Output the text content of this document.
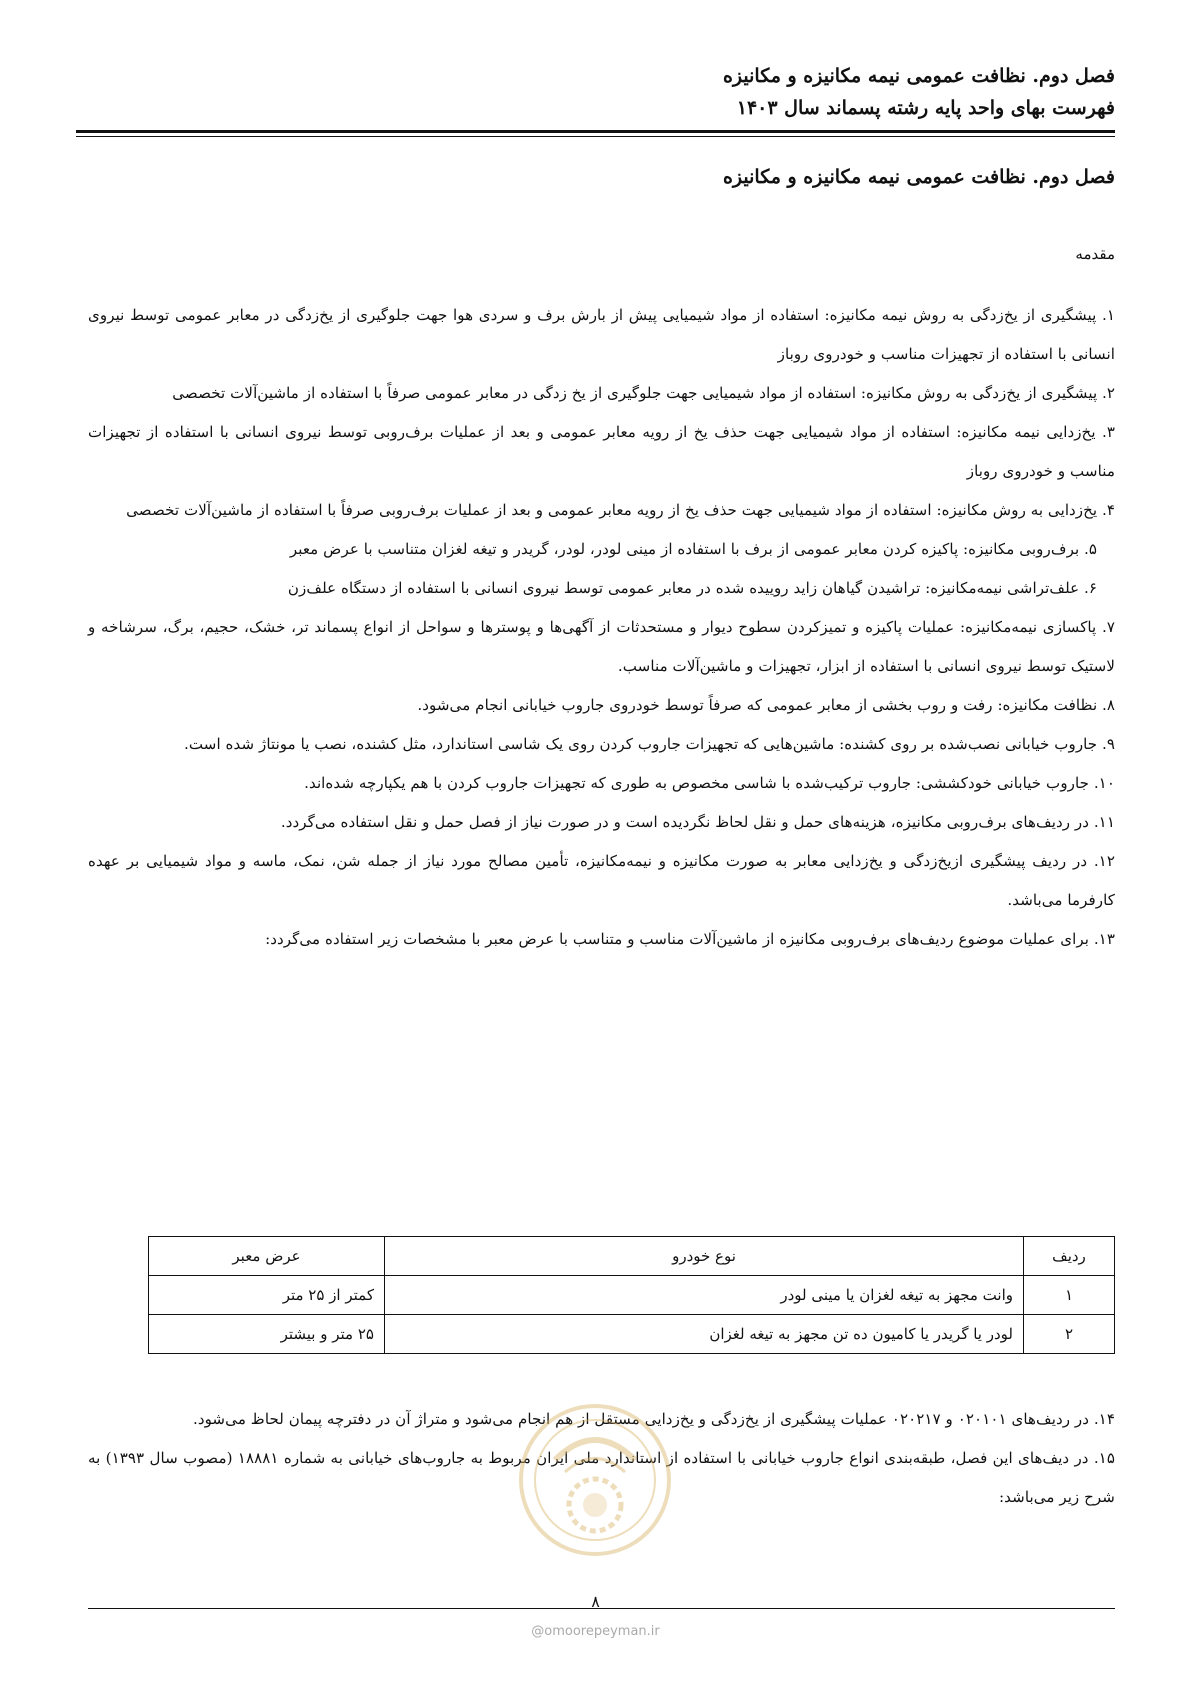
فصل دوم. نظافت عمومی نیمه مکانیزه و مکانیزه
فهرست بهای واحد پایه رشته پسماند سال ۱۴۰۳
فصل دوم. نظافت عمومی نیمه مکانیزه و مکانیزه
مقدمه

۱. پیشگیری از یخ‌زدگی به روش نیمه مکانیزه: استفاده از مواد شیمیایی پیش از بارش برف و سردی هوا جهت جلوگیری از یخ‌زدگی در معابر عمومی توسط نیروی انسانی با استفاده از تجهیزات مناسب و خودروی روباز

۲. پیشگیری از یخ‌زدگی به روش مکانیزه: استفاده از مواد شیمیایی جهت جلوگیری از یخ زدگی در معابر عمومی صرفاً با استفاده از ماشین‌آلات تخصصی

۳. یخ‌زدایی نیمه مکانیزه: استفاده از مواد شیمیایی جهت حذف یخ از رویه معابر عمومی و بعد از عملیات برف‌روبی توسط نیروی انسانی با استفاده از تجهیزات مناسب و خودروی روباز

۴. یخ‌زدایی به روش مکانیزه: استفاده از مواد شیمیایی جهت حذف یخ از رویه معابر عمومی و بعد از عملیات برف‌روبی صرفاً با استفاده از ماشین‌آلات تخصصی

۵. برف‌روبی مکانیزه: پاکیزه کردن معابر عمومی از برف با استفاده از مینی لودر، لودر، گریدر و تیغه لغزان متناسب با عرض معبر

۶. علف‌تراشی نیمه‌مکانیزه: تراشیدن گیاهان زاید روییده شده در معابر عمومی توسط نیروی انسانی با استفاده از دستگاه علف‌زن

۷. پاکسازی نیمه‌مکانیزه: عملیات پاکیزه و تمیزکردن سطوح دیوار و مستحدثات از آگهی‌ها و پوسترها و سواحل از انواع پسماند تر، خشک، حجیم، برگ، سرشاخه و لاستیک توسط نیروی انسانی با استفاده از ابزار، تجهیزات و ماشین‌آلات مناسب.

۸. نظافت مکانیزه: رفت و روب بخشی از معابر عمومی که صرفاً توسط خودروی جاروب خیابانی انجام می‌شود.

۹. جاروب خیابانی نصب‌شده بر روی کشنده: ماشین‌هایی که تجهیزات جاروب کردن روی یک شاسی استاندارد، مثل کشنده، نصب یا مونتاژ شده است.

۱۰. جاروب خیابانی خودکششی: جاروب ترکیب‌شده با شاسی مخصوص به طوری که تجهیزات جاروب کردن با هم یکپارچه شده‌اند.

۱۱. در ردیف‌های برف‌روبی مکانیزه، هزینه‌های حمل و نقل لحاظ نگردیده است و در صورت نیاز از فصل حمل و نقل استفاده می‌گردد.

۱۲. در ردیف پیشگیری ازیخ‌زدگی و یخ‌زدایی معابر به صورت مکانیزه و نیمه‌مکانیزه، تأمین مصالح مورد نیاز از جمله شن، نمک، ماسه و مواد شیمیایی بر عهده کارفرما می‌باشد.

۱۳. برای عملیات موضوع ردیف‌های برف‌روبی مکانیزه از ماشین‌آلات مناسب و متناسب با عرض معبر با مشخصات زیر استفاده می‌گردد:

ردیف	نوع خودرو	عرض معبر
۱	وانت مجهز به تیغه لغزان یا مینی لودر	کمتر از ۲۵ متر
۲	لودر یا گریدر یا کامیون ده تن مجهز به تیغه لغزان	۲۵ متر و بیشتر

۱۴. در ردیف‌های ۰۲۰۱۰۱ و ۰۲۰۲۱۷ عملیات پیشگیری از یخ‌زدگی و یخ‌زدایی مستقل از هم انجام می‌شود و متراژ آن در دفترچه پیمان لحاظ می‌شود.

۱۵. در دیف‌های این فصل، طبقه‌بندی انواع جاروب خیابانی با استفاده از استاندارد ملی ایران مربوط به جاروب‌های خیابانی به شماره ۱۸۸۸۱ (مصوب سال ۱۳۹۳) به شرح زیر می‌باشد:

۸
@omoorepeyman.ir
